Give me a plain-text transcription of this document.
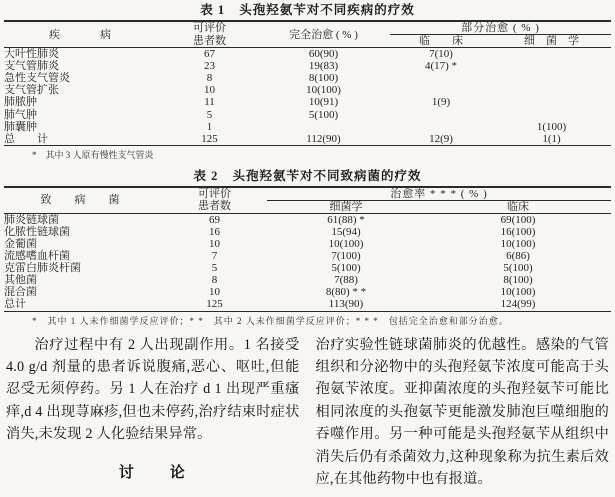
表 1 头孢羟氨苄对不同疾病的疗效
疾　　病	可评价
患者数	完全治愈 ( % )	部分治愈 ( % )	
			临　　床	细　菌　学
大叶性肺炎	67	60(90)	7(10)	
支气管肺炎	23	19(83)	4(17) *	
急性支气管炎	8	8(100)		
支气管扩张	10	10(100)		
肺脓肿	11	10(91)	1(9)	
肺气肿	5	5(100)		
肺囊肿	1			1(100)
总　　计	125	112(90)	12(9)	1(1)
*　其中 3 人原有慢性支气管炎
表 2 头孢羟氨苄对不同致病菌的疗效
致　病　菌	可评价
患者数	治愈率 * * * ( % )	
		细菌学	临床
肺炎链球菌	69	61(88) *	69(100)
化脓性链球菌	16	15(94)	16(100)
金葡菌	10	10(100)	10(100)
流感嗜血杆菌	7	7(100)	6(86)
克雷白肺炎杆菌	5	5(100)	5(100)
其他菌	8	7(88)	8(100)
混合菌	10	8(80) * *	10(100)
总计	125	113(90)	124(99)
*　其中 1 人未作细菌学反应评价；* *　其中 2 人未作细菌学反应评价；* * *　包括完全治愈和部分治愈。

治疗过程中有 2 人出现副作用。1 名接受 4.0 g/d 剂量的患者诉说腹痛,恶心、呕吐,但能忍受无须停药。另 1 人在治疗 d 1 出现严重瘙痒,d 4 出现荨麻疹,但也未停药,治疗结束时症状消失,未发现 2 人化验结果异常。

讨　　论

治疗实验性链球菌肺炎的优越性。感染的气管组织和分泌物中的头孢羟氨苄浓度可能高于头孢氨苄浓度。亚抑菌浓度的头孢羟氨苄可能比相同浓度的头孢氨苄更能激发肺泡巨噬细胞的吞噬作用。另一种可能是头孢羟氨苄从组织中消失后仍有杀菌效力,这种现象称为抗生素后效应,在其他药物中也有报道。
